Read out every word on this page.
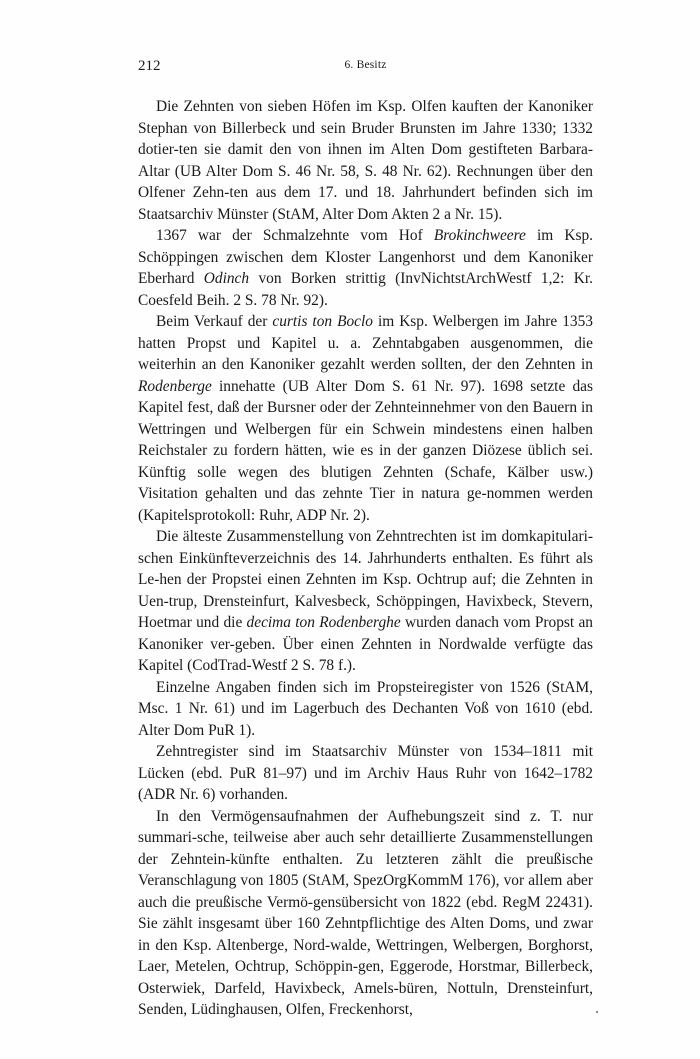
212	6. Besitz

Die Zehnten von sieben Höfen im Ksp. Olfen kauften der Kanoniker Stephan von Billerbeck und sein Bruder Brunsten im Jahre 1330; 1332 dotier-ten sie damit den von ihnen im Alten Dom gestifteten Barbara-Altar (UB Alter Dom S. 46 Nr. 58, S. 48 Nr. 62). Rechnungen über den Olfener Zehn-ten aus dem 17. und 18. Jahrhundert befinden sich im Staatsarchiv Münster (StAM, Alter Dom Akten 2 a Nr. 15).

1367 war der Schmalzehnte vom Hof Brokinchweere im Ksp. Schöppingen zwischen dem Kloster Langenhorst und dem Kanoniker Eberhard Odinch von Borken strittig (InvNichtstArchWestf 1,2: Kr. Coesfeld Beih. 2 S. 78 Nr. 92).

Beim Verkauf der curtis ton Boclo im Ksp. Welbergen im Jahre 1353 hatten Propst und Kapitel u. a. Zehntabgaben ausgenommen, die weiterhin an den Kanoniker gezahlt werden sollten, der den Zehnten in Rodenberge innehatte (UB Alter Dom S. 61 Nr. 97). 1698 setzte das Kapitel fest, daß der Bursner oder der Zehnteinnehmer von den Bauern in Wettringen und Welbergen für ein Schwein mindestens einen halben Reichstaler zu fordern hätten, wie es in der ganzen Diözese üblich sei. Künftig solle wegen des blutigen Zehnten (Schafe, Kälber usw.) Visitation gehalten und das zehnte Tier in natura ge-nommen werden (Kapitelsprotokoll: Ruhr, ADP Nr. 2).

Die älteste Zusammenstellung von Zehntrechten ist im domkapitulari-schen Einkünfteverzeichnis des 14. Jahrhunderts enthalten. Es führt als Le-hen der Propstei einen Zehnten im Ksp. Ochtrup auf; die Zehnten in Uen-trup, Drensteinfurt, Kalvesbeck, Schöppingen, Havixbeck, Stevern, Hoetmar und die decima ton Rodenberghe wurden danach vom Propst an Kanoniker ver-geben. Über einen Zehnten in Nordwalde verfügte das Kapitel (CodTrad-Westf 2 S. 78 f.).

Einzelne Angaben finden sich im Propsteiregister von 1526 (StAM, Msc. 1 Nr. 61) und im Lagerbuch des Dechanten Voß von 1610 (ebd. Alter Dom PuR 1).

Zehntregister sind im Staatsarchiv Münster von 1534–1811 mit Lücken (ebd. PuR 81–97) und im Archiv Haus Ruhr von 1642–1782 (ADR Nr. 6) vorhanden.

In den Vermögensaufnahmen der Aufhebungszeit sind z. T. nur summari-sche, teilweise aber auch sehr detaillierte Zusammenstellungen der Zehntein-künfte enthalten. Zu letzteren zählt die preußische Veranschlagung von 1805 (StAM, SpezOrgKommM 176), vor allem aber auch die preußische Vermö-gensübersicht von 1822 (ebd. RegM 22431). Sie zählt insgesamt über 160 Zehntpflichtige des Alten Doms, und zwar in den Ksp. Altenberge, Nord-walde, Wettringen, Welbergen, Borghorst, Laer, Metelen, Ochtrup, Schöppin-gen, Eggerode, Horstmar, Billerbeck, Osterwiek, Darfeld, Havixbeck, Amels-büren, Nottuln, Drensteinfurt, Senden, Lüdinghausen, Olfen, Freckenhorst,
